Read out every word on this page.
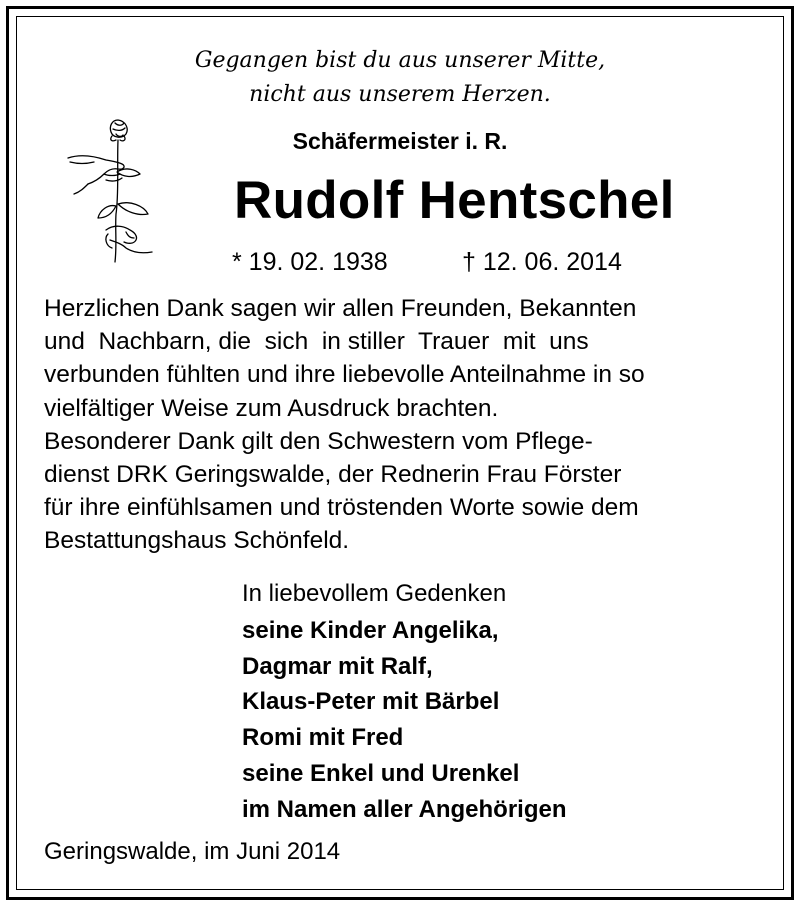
Gegangen bist du aus unserer Mitte,
nicht aus unserem Herzen.
Schäfermeister i. R.
Rudolf Hentschel
* 19. 02. 1938	† 12. 06. 2014

Herzlichen Dank sagen wir allen Freunden, Bekannten

und  Nachbarn, die  sich  in stiller  Trauer  mit  uns

verbunden fühlten und ihre liebevolle Anteilnahme in so

vielfältiger Weise zum Ausdruck brachten.

Besonderer Dank gilt den Schwestern vom Pflege-

dienst DRK Geringswalde, der Rednerin Frau Förster

für ihre einfühlsamen und tröstenden Worte sowie dem

Bestattungshaus Schönfeld.

In liebevollem Gedenken
seine Kinder Angelika,
Dagmar mit Ralf,
Klaus-Peter mit Bärbel
Romi mit Fred
seine Enkel und Urenkel
im Namen aller Angehörigen
Geringswalde, im Juni 2014
